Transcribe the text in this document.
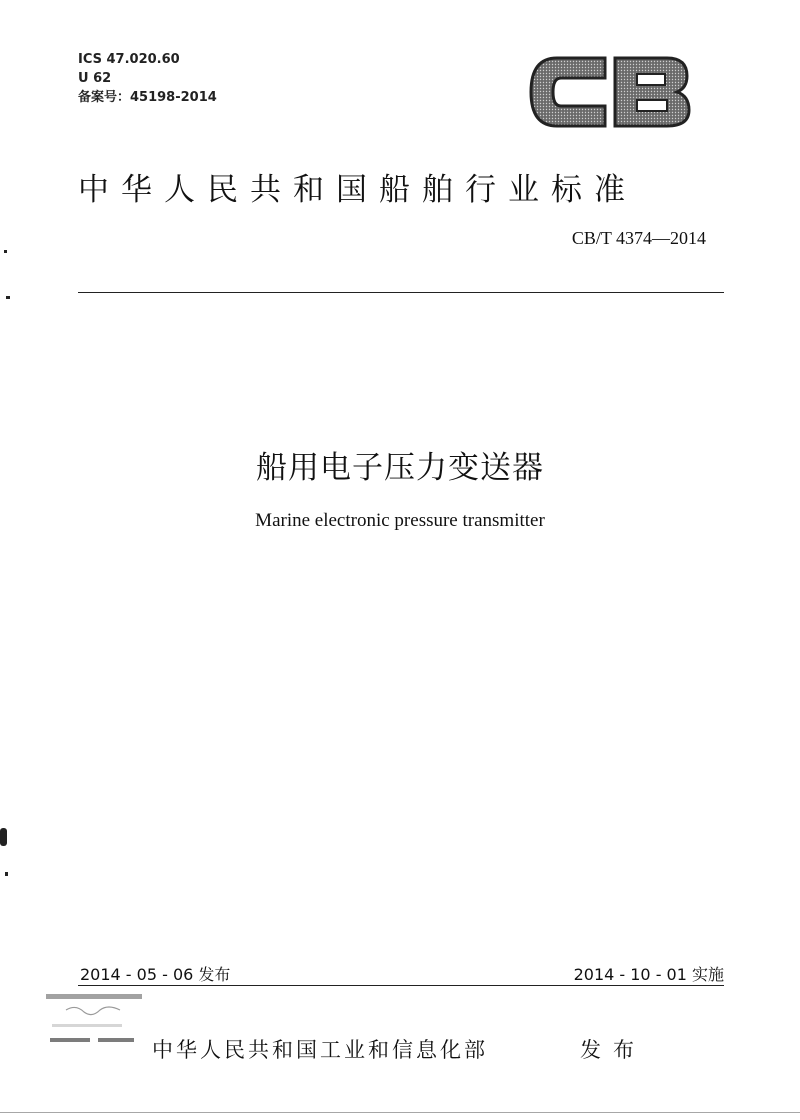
ICS 47.020.60
U 62
备案号：45198-2014
中华人民共和国船舶行业标准
CB/T 4374—2014
船用电子压力变送器
Marine electronic pressure transmitter
2014 - 05 - 06 发布	2014 - 10 - 01 实施
中华人民共和国工业和信息化部	发布
